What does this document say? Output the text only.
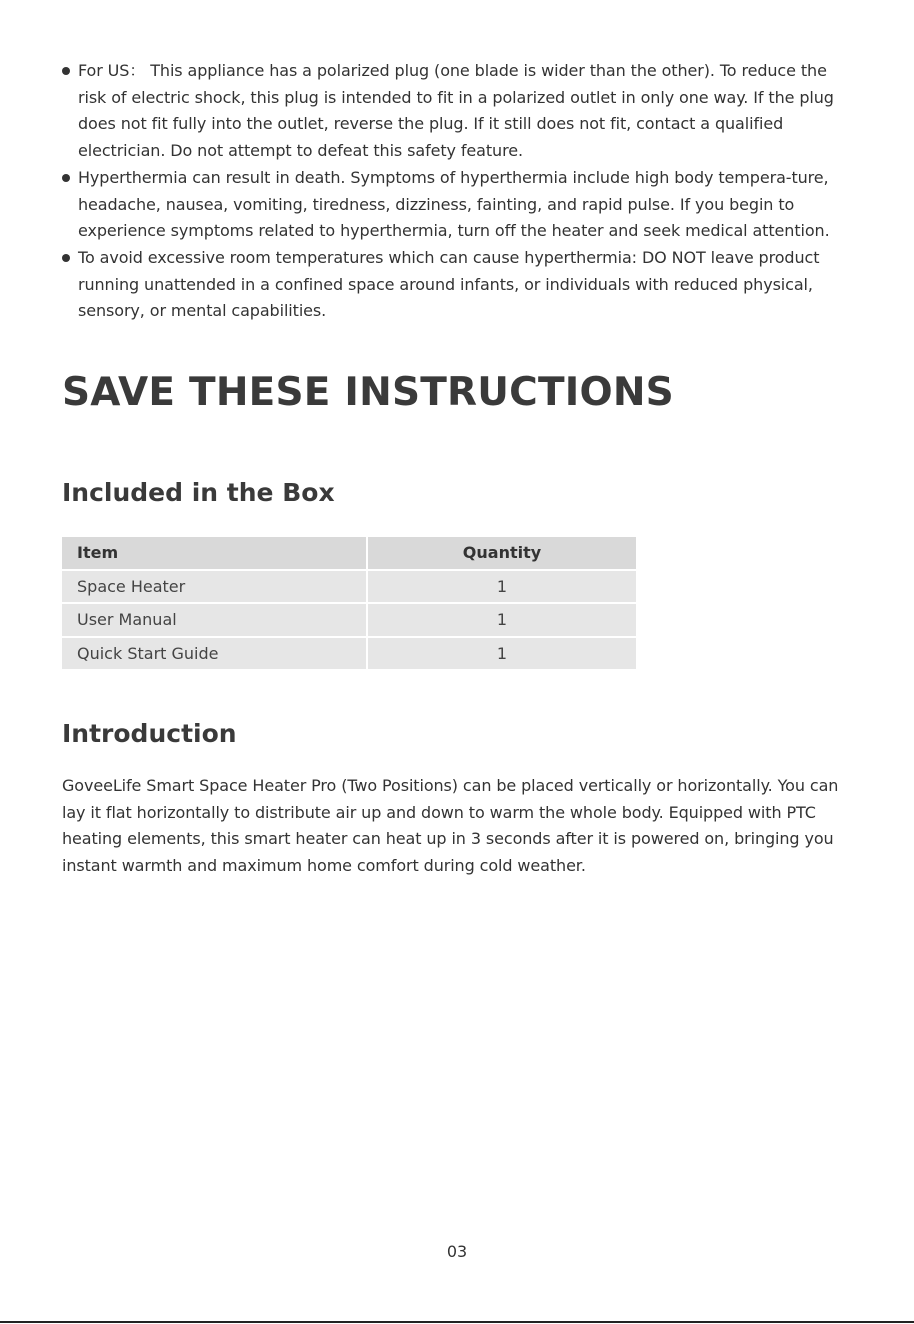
For US： This appliance has a polarized plug (one blade is wider than the other). To reduce the risk of electric shock, this plug is intended to fit in a polarized outlet in only one way. If the plug does not fit fully into the outlet, reverse the plug. If it still does not fit, contact a qualified electrician. Do not attempt to defeat this safety feature.
Hyperthermia can result in death. Symptoms of hyperthermia include high body tempera-ture, headache, nausea, vomiting, tiredness, dizziness, fainting, and rapid pulse. If you begin to experience symptoms related to hyperthermia, turn off the heater and seek medical attention.
To avoid excessive room temperatures which can cause hyperthermia: DO NOT leave product running unattended in a confined space around infants, or individuals with reduced physical, sensory, or mental capabilities.
SAVE THESE INSTRUCTIONS
Included in the Box
Item	Quantity
Space Heater	1
User Manual	1
Quick Start Guide	1
Introduction

GoveeLife Smart Space Heater Pro (Two Positions) can be placed vertically or horizontally. You can lay it flat horizontally to distribute air up and down to warm the whole body. Equipped with PTC heating elements, this smart heater can heat up in 3 seconds after it is powered on, bringing you instant warmth and maximum home comfort during cold weather.

03
